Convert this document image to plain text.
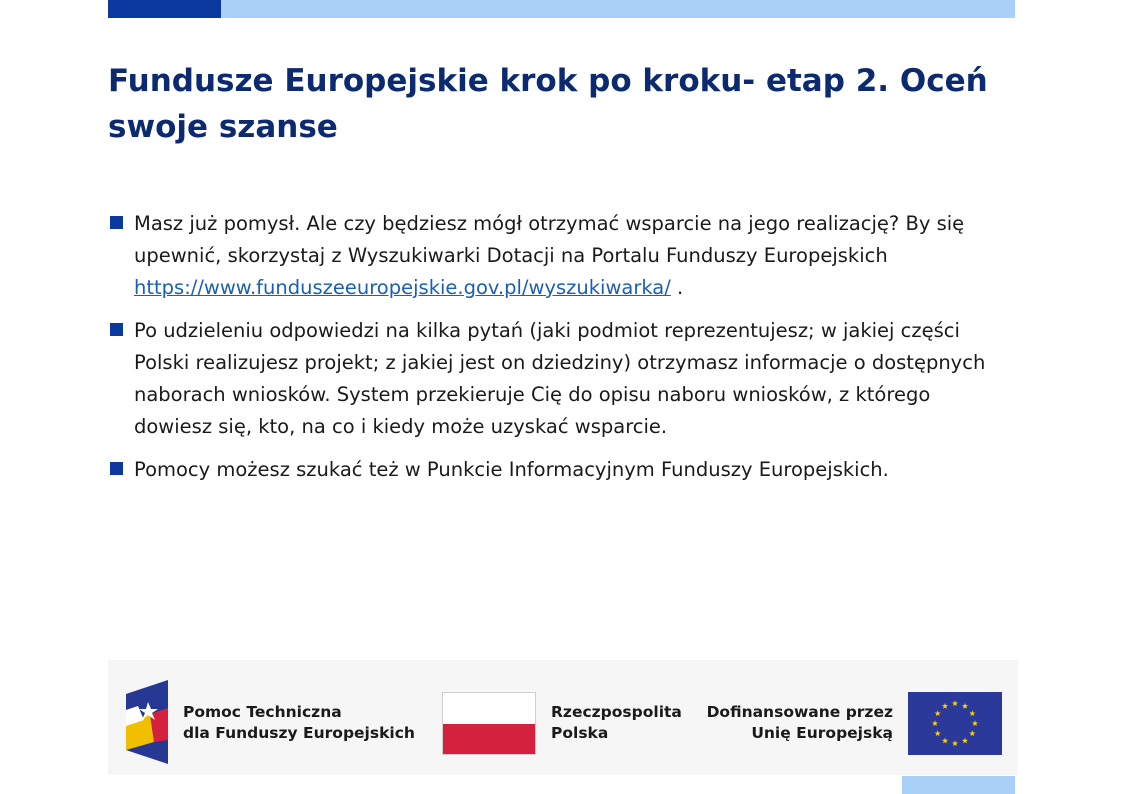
Fundusze Europejskie krok po kroku- etap 2. Oceń swoje szanse
Masz już pomysł. Ale czy będziesz mógł otrzymać wsparcie na jego realizację? By się upewnić, skorzystaj z Wyszukiwarki Dotacji na Portalu Funduszy Europejskich https://www.funduszeeuropejskie.gov.pl/wyszukiwarka/ .
Po udzieleniu odpowiedzi na kilka pytań (jaki podmiot reprezentujesz; w jakiej części Polski realizujesz projekt; z jakiej jest on dziedziny) otrzymasz informacje o dostępnych naborach wniosków. System przekieruje Cię do opisu naboru wniosków, z którego dowiesz się, kto, na co i kiedy może uzyskać wsparcie.
Pomocy możesz szukać też w Punkcie Informacyjnym Funduszy Europejskich.

Pomoc Techniczna

dla Funduszy Europejskich

Rzeczpospolita

Polska

Dofinansowane przez

Unię Europejską
